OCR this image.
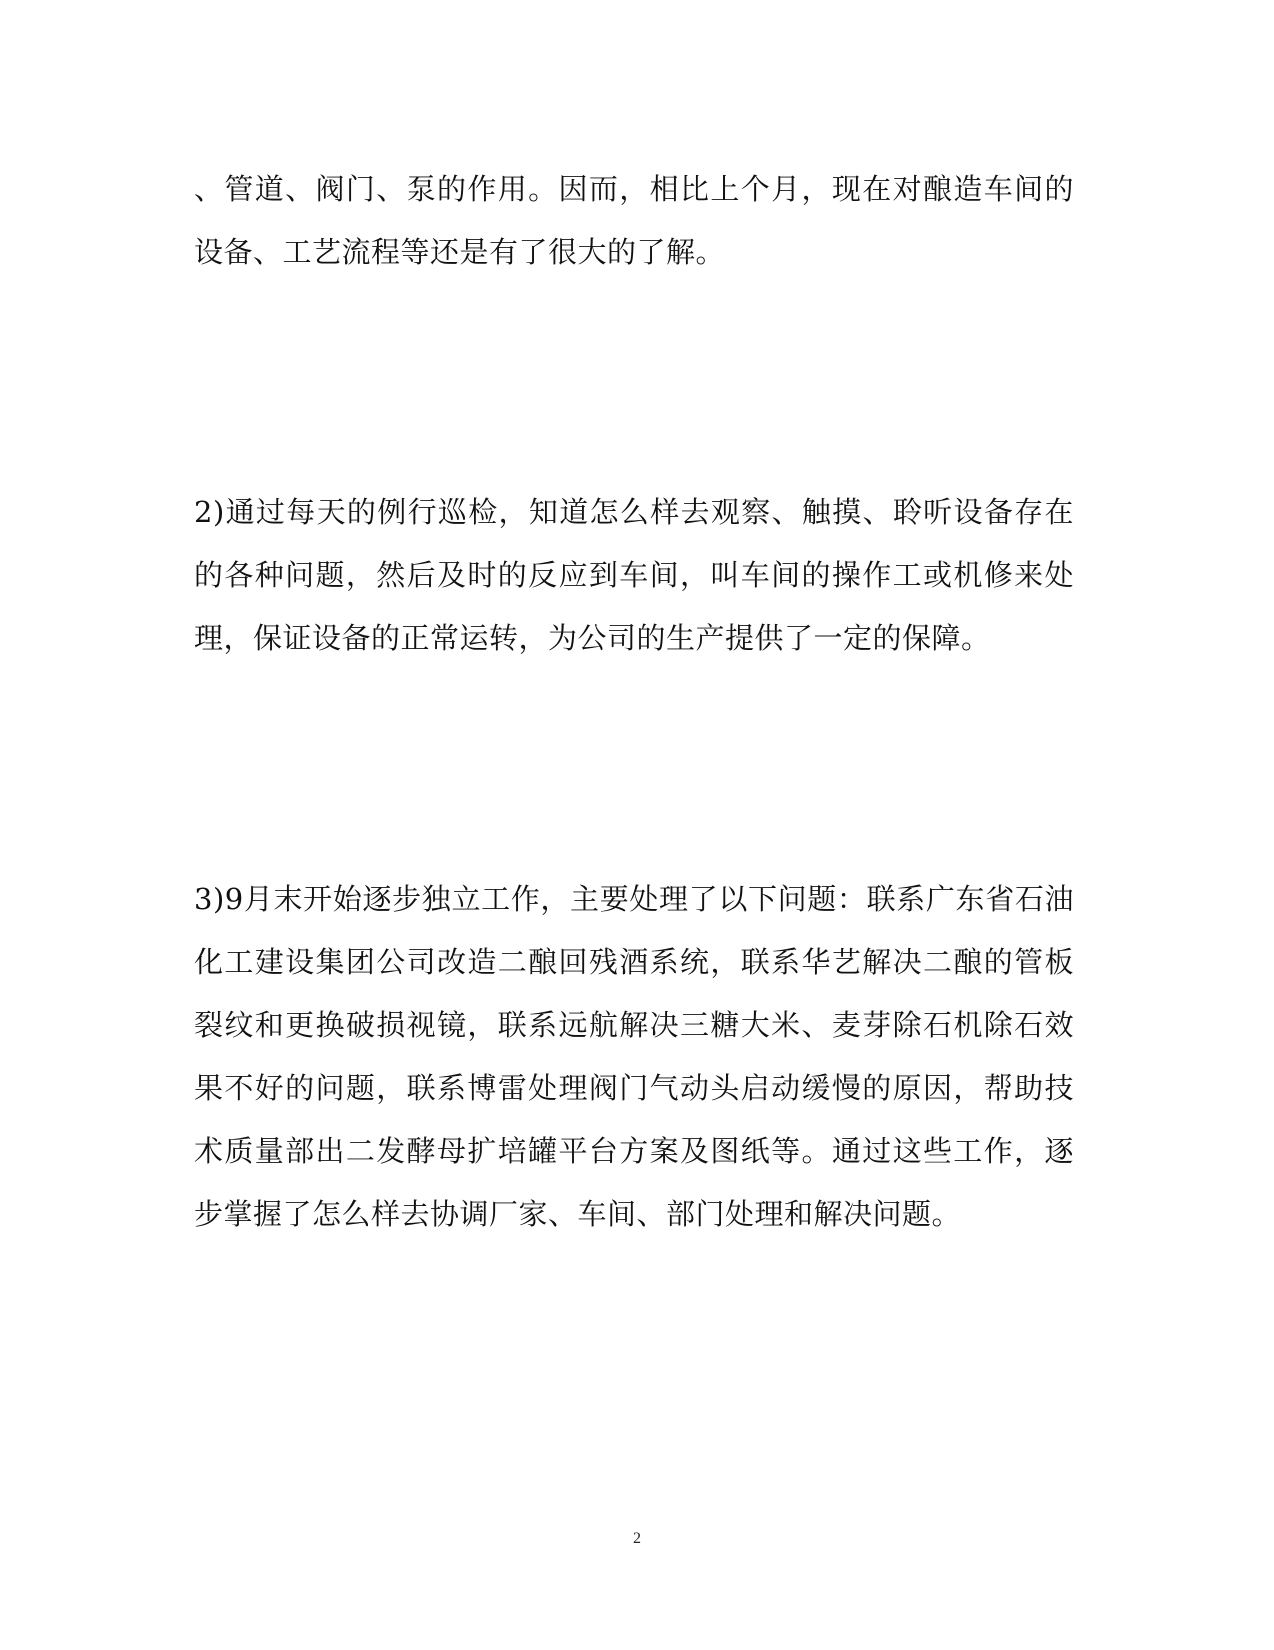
、管道、阀门、泵的作用。因而，相比上个月，现在对酿造车间的设备、工艺流程等还是有了很大的了解。

2)通过每天的例行巡检，知道怎么样去观察、触摸、聆听设备存在的各种问题，然后及时的反应到车间，叫车间的操作工或机修来处理，保证设备的正常运转，为公司的生产提供了一定的保障。

3)9月末开始逐步独立工作，主要处理了以下问题：联系广东省石油化工建设集团公司改造二酿回残酒系统，联系华艺解决二酿的管板裂纹和更换破损视镜，联系远航解决三糖大米、麦芽除石机除石效果不好的问题，联系博雷处理阀门气动头启动缓慢的原因，帮助技术质量部出二发酵母扩培罐平台方案及图纸等。通过这些工作，逐步掌握了怎么样去协调厂家、车间、部门处理和解决问题。

2
